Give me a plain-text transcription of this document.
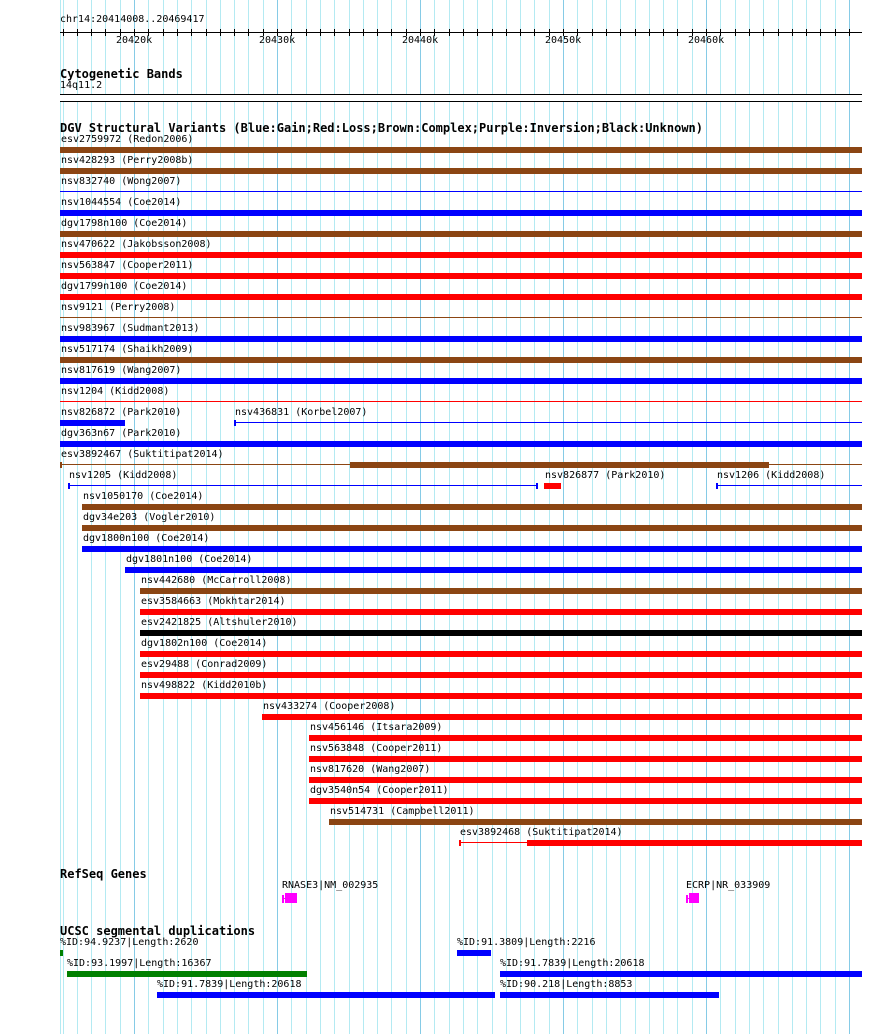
chr14:20414008..20469417
20420k	20430k	20440k	20450k	20460k
Cytogenetic Bands
14q11.2
DGV Structural Variants (Blue:Gain;Red:Loss;Brown:Complex;Purple:Inversion;Black:Unknown)
esv2759972 (Redon2006)
nsv428293 (Perry2008b)
nsv832740 (Wong2007)
nsv1044554 (Coe2014)
dgv1798n100 (Coe2014)
nsv470622 (Jakobsson2008)
nsv563847 (Cooper2011)
dgv1799n100 (Coe2014)
nsv9121 (Perry2008)
nsv983967 (Sudmant2013)
nsv517174 (Shaikh2009)
nsv817619 (Wang2007)
nsv1204 (Kidd2008)
nsv826872 (Park2010)	nsv436831 (Korbel2007)
dgv363n67 (Park2010)
esv3892467 (Suktitipat2014)
nsv1205 (Kidd2008)	nsv826877 (Park2010)	nsv1206 (Kidd2008)
nsv1050170 (Coe2014)
dgv34e203 (Vogler2010)
dgv1800n100 (Coe2014)
dgv1801n100 (Coe2014)
nsv442680 (McCarroll2008)
esv3584663 (Mokhtar2014)
esv2421825 (Altshuler2010)
dgv1802n100 (Coe2014)
esv29488 (Conrad2009)
nsv498822 (Kidd2010b)
nsv433274 (Cooper2008)
nsv456146 (Itsara2009)
nsv563848 (Cooper2011)
nsv817620 (Wang2007)
dgv3540n54 (Cooper2011)
nsv514731 (Campbell2011)
esv3892468 (Suktitipat2014)
RefSeq Genes
RNASE3|NM_002935	ECRP|NR_033909
UCSC segmental duplications
%ID:94.9237|Length:2620	%ID:91.3809|Length:2216
%ID:93.1997|Length:16367	%ID:91.7839|Length:20618
%ID:91.7839|Length:20618	%ID:90.218|Length:8853
